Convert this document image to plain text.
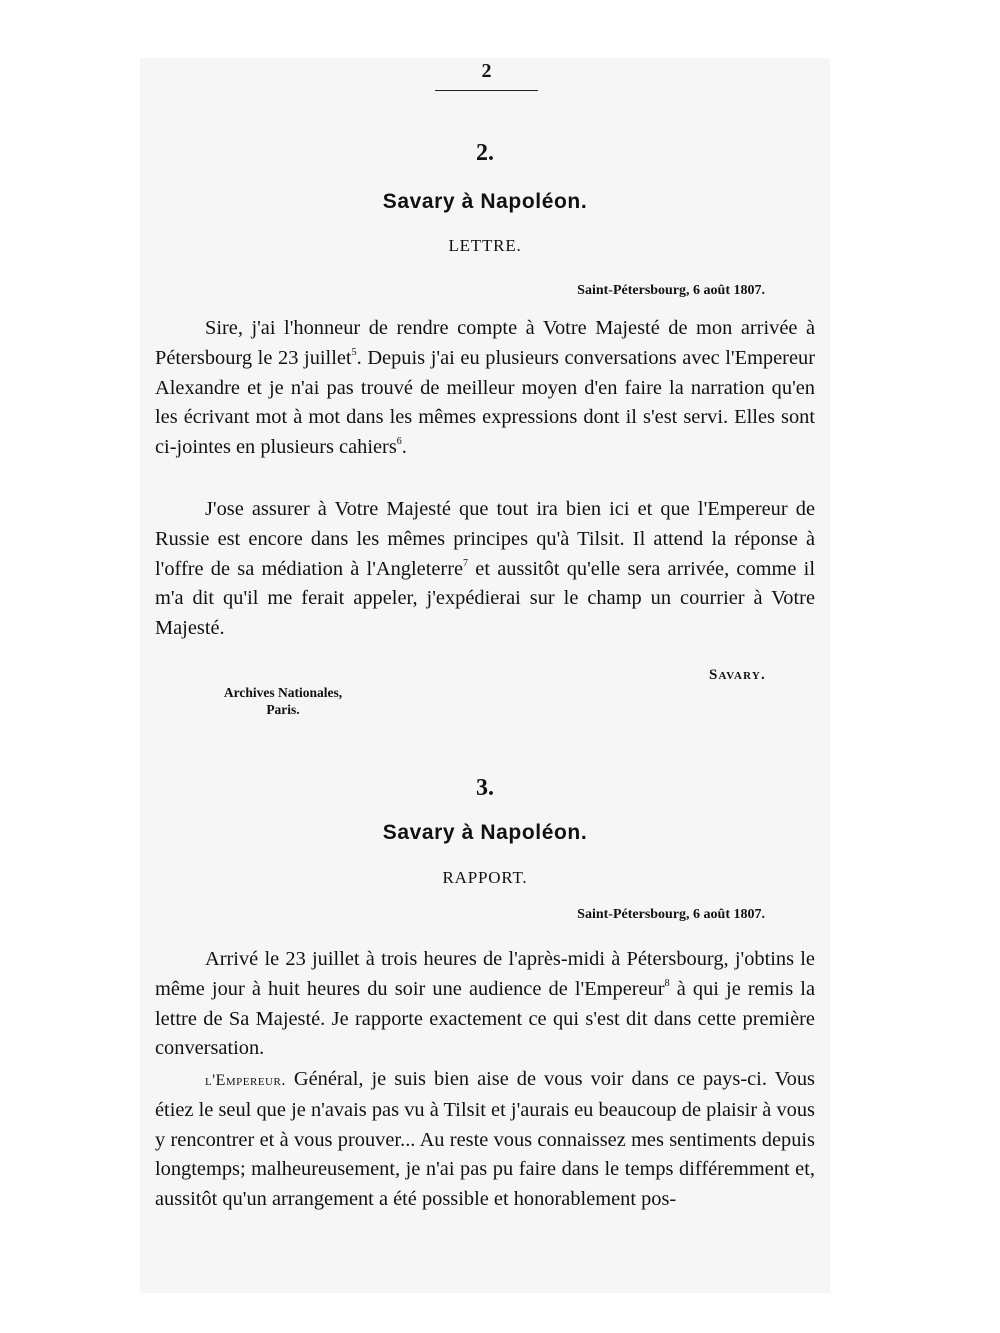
2
2.
Savary à Napoléon.
LETTRE.
Saint-Pétersbourg, 6 août 1807.

Sire, j'ai l'honneur de rendre compte à Votre Majesté de mon arrivée à Pétersbourg le 23 juillet$^5$. Depuis j'ai eu plusieurs conversations avec l'Empereur Alexandre et je n'ai pas trouvé de meilleur moyen d'en faire la narration qu'en les écrivant mot à mot dans les mêmes expressions dont il s'est servi. Elles sont ci-jointes en plusieurs cahiers$^6$.

J'ose assurer à Votre Majesté que tout ira bien ici et que l'Empereur de Russie est encore dans les mêmes principes qu'à Tilsit. Il attend la réponse à l'offre de sa médiation à l'Angleterre$^7$ et aussitôt qu'elle sera arrivée, comme il m'a dit qu'il me ferait appeler, j'expédierai sur le champ un courrier à Votre Majesté.

Savary.
Archives Nationales,
Paris.
3.
Savary à Napoléon.
RAPPORT.
Saint-Pétersbourg, 6 août 1807.

Arrivé le 23 juillet à trois heures de l'après-midi à Pétersbourg, j'obtins le même jour à huit heures du soir une audience de l'Empereur$^8$ à qui je remis la lettre de Sa Majesté. Je rapporte exactement ce qui s'est dit dans cette première conversation.

l'Empereur. Général, je suis bien aise de vous voir dans ce pays-ci. Vous étiez le seul que je n'avais pas vu à Tilsit et j'aurais eu beaucoup de plaisir à vous y rencontrer et à vous prouver... Au reste vous connaissez mes sentiments depuis longtemps; malheureusement, je n'ai pas pu faire dans le temps différemment et, aussitôt qu'un arrangement a été possible et honorablement pos-
